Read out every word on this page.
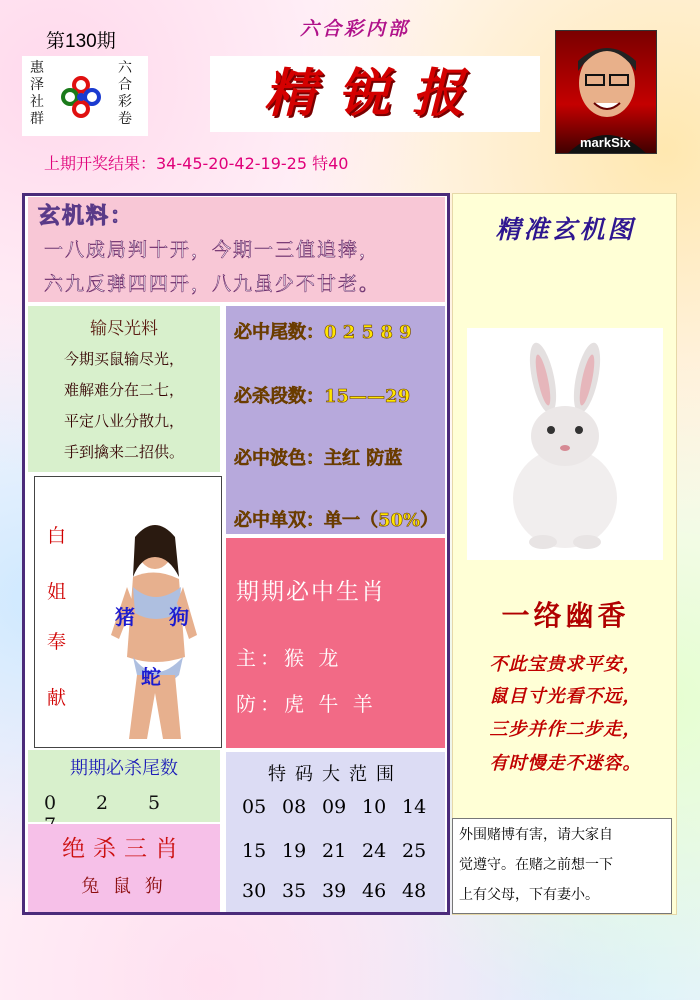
第130期
惠泽社群
六合彩卷
六合彩内部
精锐报
markSix
上期开奖结果：34-45-20-42-19-25 特40
玄机料：
一八成局判十开，今期一三值追捧，
六九反弹四四开，八九虽少不甘老。
输尽光料
今期买鼠输尽光，
难解难分在二七，
平定八业分散九，
手到擒来二招供。
必中尾数：0 2 5 8 9
必杀段数：15——29
必中波色：主红 防蓝
必中单双：单一（50%）
白
姐
奉
献
猪 狗
蛇
期期必中生肖
主：猴 龙
防：虎 牛 羊
期期必杀尾数
0 2 5
绝杀三肖
兔 鼠 狗
特码大范围
05 08 09 10 14
15 19 21 24 25
30 35 39 46 48
精准玄机图
一络幽香
不此宝贵求平安，
鼠目寸光看不远，
三步并作二步走，
有时慢走不迷容。
外围赌博有害，请大家自
觉遵守。在赌之前想一下
上有父母，下有妻小。
